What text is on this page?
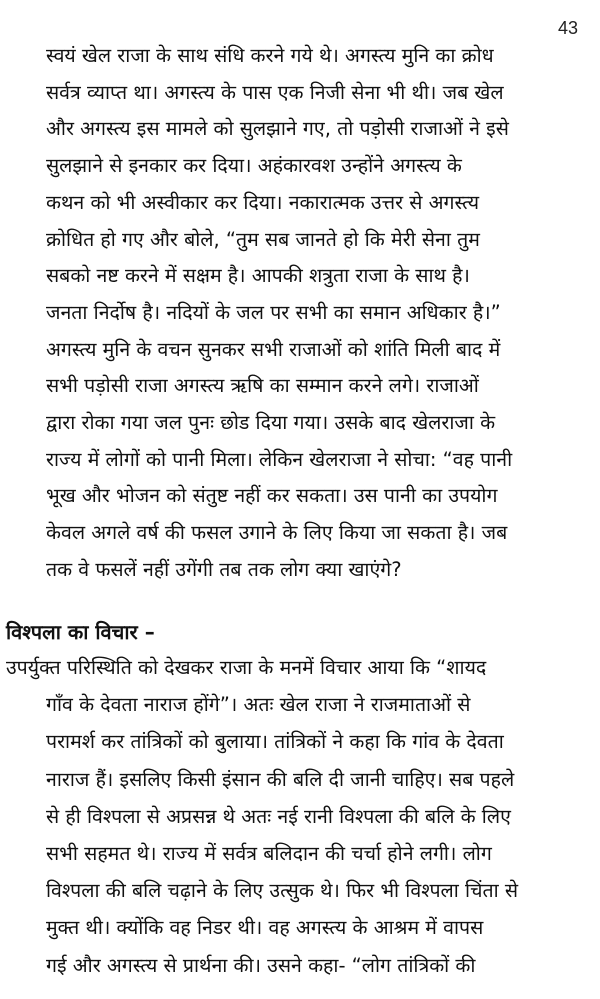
43
स्वयं खेल राजा के साथ संधि करने गये थे। अगस्त्य मुनि का क्रोध
सर्वत्र व्याप्त था। अगस्त्य के पास एक निजी सेना भी थी। जब खेल
और अगस्त्य इस मामले को सुलझाने गए, तो पड़ोसी राजाओं ने इसे
सुलझाने से इनकार कर दिया। अहंकारवश उन्होंने अगस्त्य के
कथन को भी अस्वीकार कर दिया। नकारात्मक उत्तर से अगस्त्य
क्रोधित हो गए और बोले, “तुम सब जानते हो कि मेरी सेना तुम
सबको नष्ट करने में सक्षम है। आपकी शत्रुता राजा के साथ है।
जनता निर्दोष है। नदियों के जल पर सभी का समान अधिकार है।”
अगस्त्य मुनि के वचन सुनकर सभी राजाओं को शांति मिली बाद में
सभी पड़ोसी राजा अगस्त्य ऋषि का सम्मान करने लगे। राजाओं
द्वारा रोका गया जल पुनः छोड दिया गया। उसके बाद खेलराजा के
राज्य में लोगों को पानी मिला। लेकिन खेलराजा ने सोचा: “वह पानी
भूख और भोजन को संतुष्ट नहीं कर सकता। उस पानी का उपयोग
केवल अगले वर्ष की फसल उगाने के लिए किया जा सकता है। जब
तक वे फसलें नहीं उगेंगी तब तक लोग क्या खाएंगे?
विश्पला का विचार –
उपर्युक्त परिस्थिति को देखकर राजा के मनमें विचार आया कि “शायद
गाँव के देवता नाराज होंगे”। अतः खेल राजा ने राजमाताओं से
परामर्श कर तांत्रिकों को बुलाया। तांत्रिकों ने कहा कि गांव के देवता
नाराज हैं। इसलिए किसी इंसान की बलि दी जानी चाहिए। सब पहले
से ही विश्पला से अप्रसन्न थे अतः नई रानी विश्पला की बलि के लिए
सभी सहमत थे। राज्य में सर्वत्र बलिदान की चर्चा होने लगी। लोग
विश्पला की बलि चढ़ाने के लिए उत्सुक थे। फिर भी विश्पला चिंता से
मुक्त थी। क्योंकि वह निडर थी। वह अगस्त्य के आश्रम में वापस
गई और अगस्त्य से प्रार्थना की। उसने कहा- “लोग तांत्रिकों की
